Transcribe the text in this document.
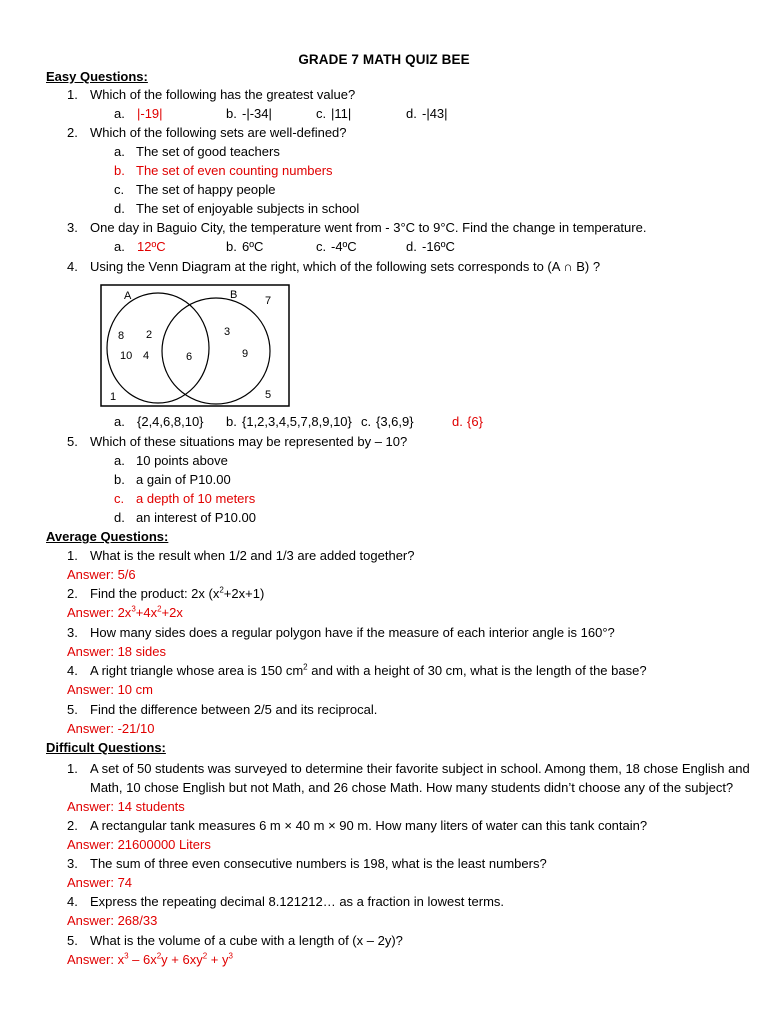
GRADE 7 MATH QUIZ BEE
Easy Questions:
1. Which of the following has the greatest value?
a. |-19|	b. -|-34|	c. |11|	d. -|43|
2. Which of the following sets are well-defined?
a. The set of good teachers
b. The set of even counting numbers
c. The set of happy people
d. The set of enjoyable subjects in school
3. One day in Baguio City, the temperature went from - 3°C to 9°C. Find the change in temperature.
a. 12ºC	b. 6ºC	c. -4ºC	d. -16ºC
4. Using the Venn Diagram at the right, which of the following sets corresponds to (A ∩ B) ?
A	B	7
8 2
10 4	6
3
9
1	5
a. {2,4,6,8,10} b. {1,2,3,4,5,7,8,9,10} c. {3,6,9}	d. {6}
5. Which of these situations may be represented by – 10?
a. 10 points above
b. a gain of P10.00
c. a depth of 10 meters
d. an interest of P10.00
Average Questions:
1. What is the result when 1/2 and 1/3 are added together?
Answer: 5/6
2. Find the product: 2x $(x^2+2x+1)$
Answer: $2x^3+4x^2+2x$
3. How many sides does a regular polygon have if the measure of each interior angle is 160°?
Answer: 18 sides
4. A right triangle whose area is 150 $cm^2$ and with a height of 30 cm, what is the length of the base?
Answer: 10 cm
5. Find the difference between 2/5 and its reciprocal.
Answer: -21/10
Difficult Questions:
1. A set of 50 students was surveyed to determine their favorite subject in school. Among them, 18 chose English and
Math, 10 chose English but not Math, and 26 chose Math. How many students didn’t choose any of the subject?
Answer: 14 students
2. A rectangular tank measures 6 m × 40 m × 90 m. How many liters of water can this tank contain?
Answer: 21600000 Liters
3. The sum of three even consecutive numbers is 198, what is the least numbers?
Answer: 74
4. Express the repeating decimal 8.121212… as a fraction in lowest terms.
Answer: 268/33
5. What is the volume of a cube with a length of (x – 2y)?
Answer: $x^3 - 6x^2y + 6xy^2 + y^3$
